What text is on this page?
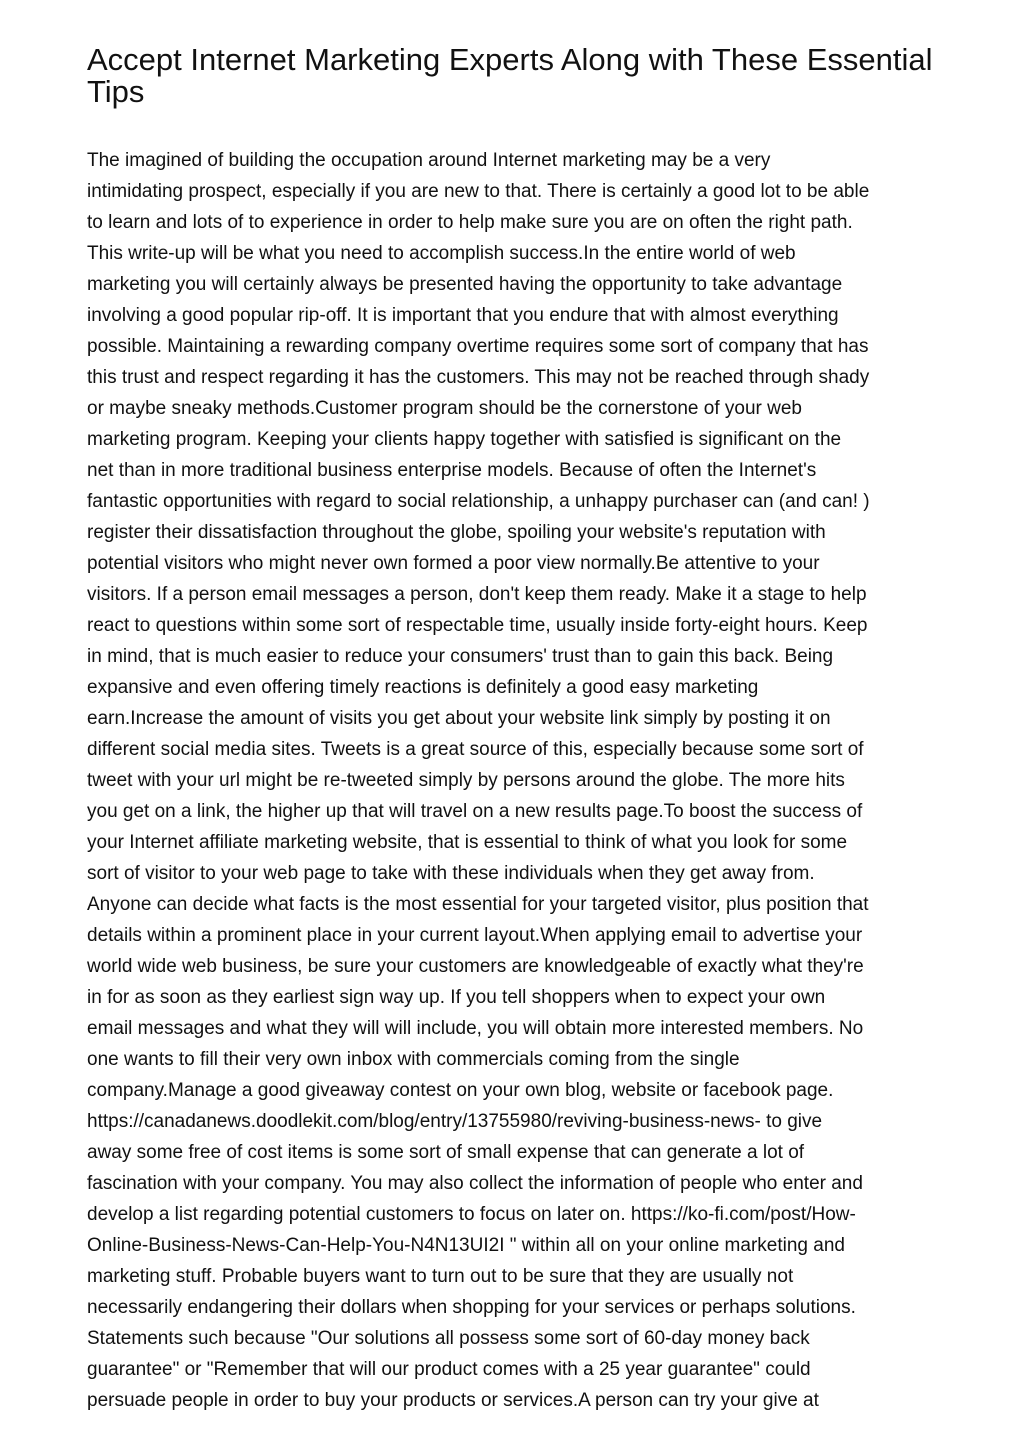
Accept Internet Marketing Experts Along with These Essential Tips
The imagined of building the occupation around Internet marketing may be a very
intimidating prospect, especially if you are new to that. There is certainly a good lot to be able
to learn and lots of to experience in order to help make sure you are on often the right path.
This write-up will be what you need to accomplish success.In the entire world of web
marketing you will certainly always be presented having the opportunity to take advantage
involving a good popular rip-off. It is important that you endure that with almost everything
possible. Maintaining a rewarding company overtime requires some sort of company that has
this trust and respect regarding it has the customers. This may not be reached through shady
or maybe sneaky methods.Customer program should be the cornerstone of your web
marketing program. Keeping your clients happy together with satisfied is significant on the
net than in more traditional business enterprise models. Because of often the Internet's
fantastic opportunities with regard to social relationship, a unhappy purchaser can (and can! )
register their dissatisfaction throughout the globe, spoiling your website's reputation with
potential visitors who might never own formed a poor view normally.Be attentive to your
visitors. If a person email messages a person, don't keep them ready. Make it a stage to help
react to questions within some sort of respectable time, usually inside forty-eight hours. Keep
in mind, that is much easier to reduce your consumers' trust than to gain this back. Being
expansive and even offering timely reactions is definitely a good easy marketing
earn.Increase the amount of visits you get about your website link simply by posting it on
different social media sites. Tweets is a great source of this, especially because some sort of
tweet with your url might be re-tweeted simply by persons around the globe. The more hits
you get on a link, the higher up that will travel on a new results page.To boost the success of
your Internet affiliate marketing website, that is essential to think of what you look for some
sort of visitor to your web page to take with these individuals when they get away from.
Anyone can decide what facts is the most essential for your targeted visitor, plus position that
details within a prominent place in your current layout.When applying email to advertise your
world wide web business, be sure your customers are knowledgeable of exactly what they're
in for as soon as they earliest sign way up. If you tell shoppers when to expect your own
email messages and what they will will include, you will obtain more interested members. No
one wants to fill their very own inbox with commercials coming from the single
company.Manage a good giveaway contest on your own blog, website or facebook page.
https://canadanews.doodlekit.com/blog/entry/13755980/reviving-business-news- to give
away some free of cost items is some sort of small expense that can generate a lot of
fascination with your company. You may also collect the information of people who enter and
develop a list regarding potential customers to focus on later on. https://ko-fi.com/post/How-
Online-Business-News-Can-Help-You-N4N13UI2I " within all on your online marketing and
marketing stuff. Probable buyers want to turn out to be sure that they are usually not
necessarily endangering their dollars when shopping for your services or perhaps solutions.
Statements such because "Our solutions all possess some sort of 60-day money back
guarantee" or "Remember that will our product comes with a 25 year guarantee" could
persuade people in order to buy your products or services.A person can try your give at
